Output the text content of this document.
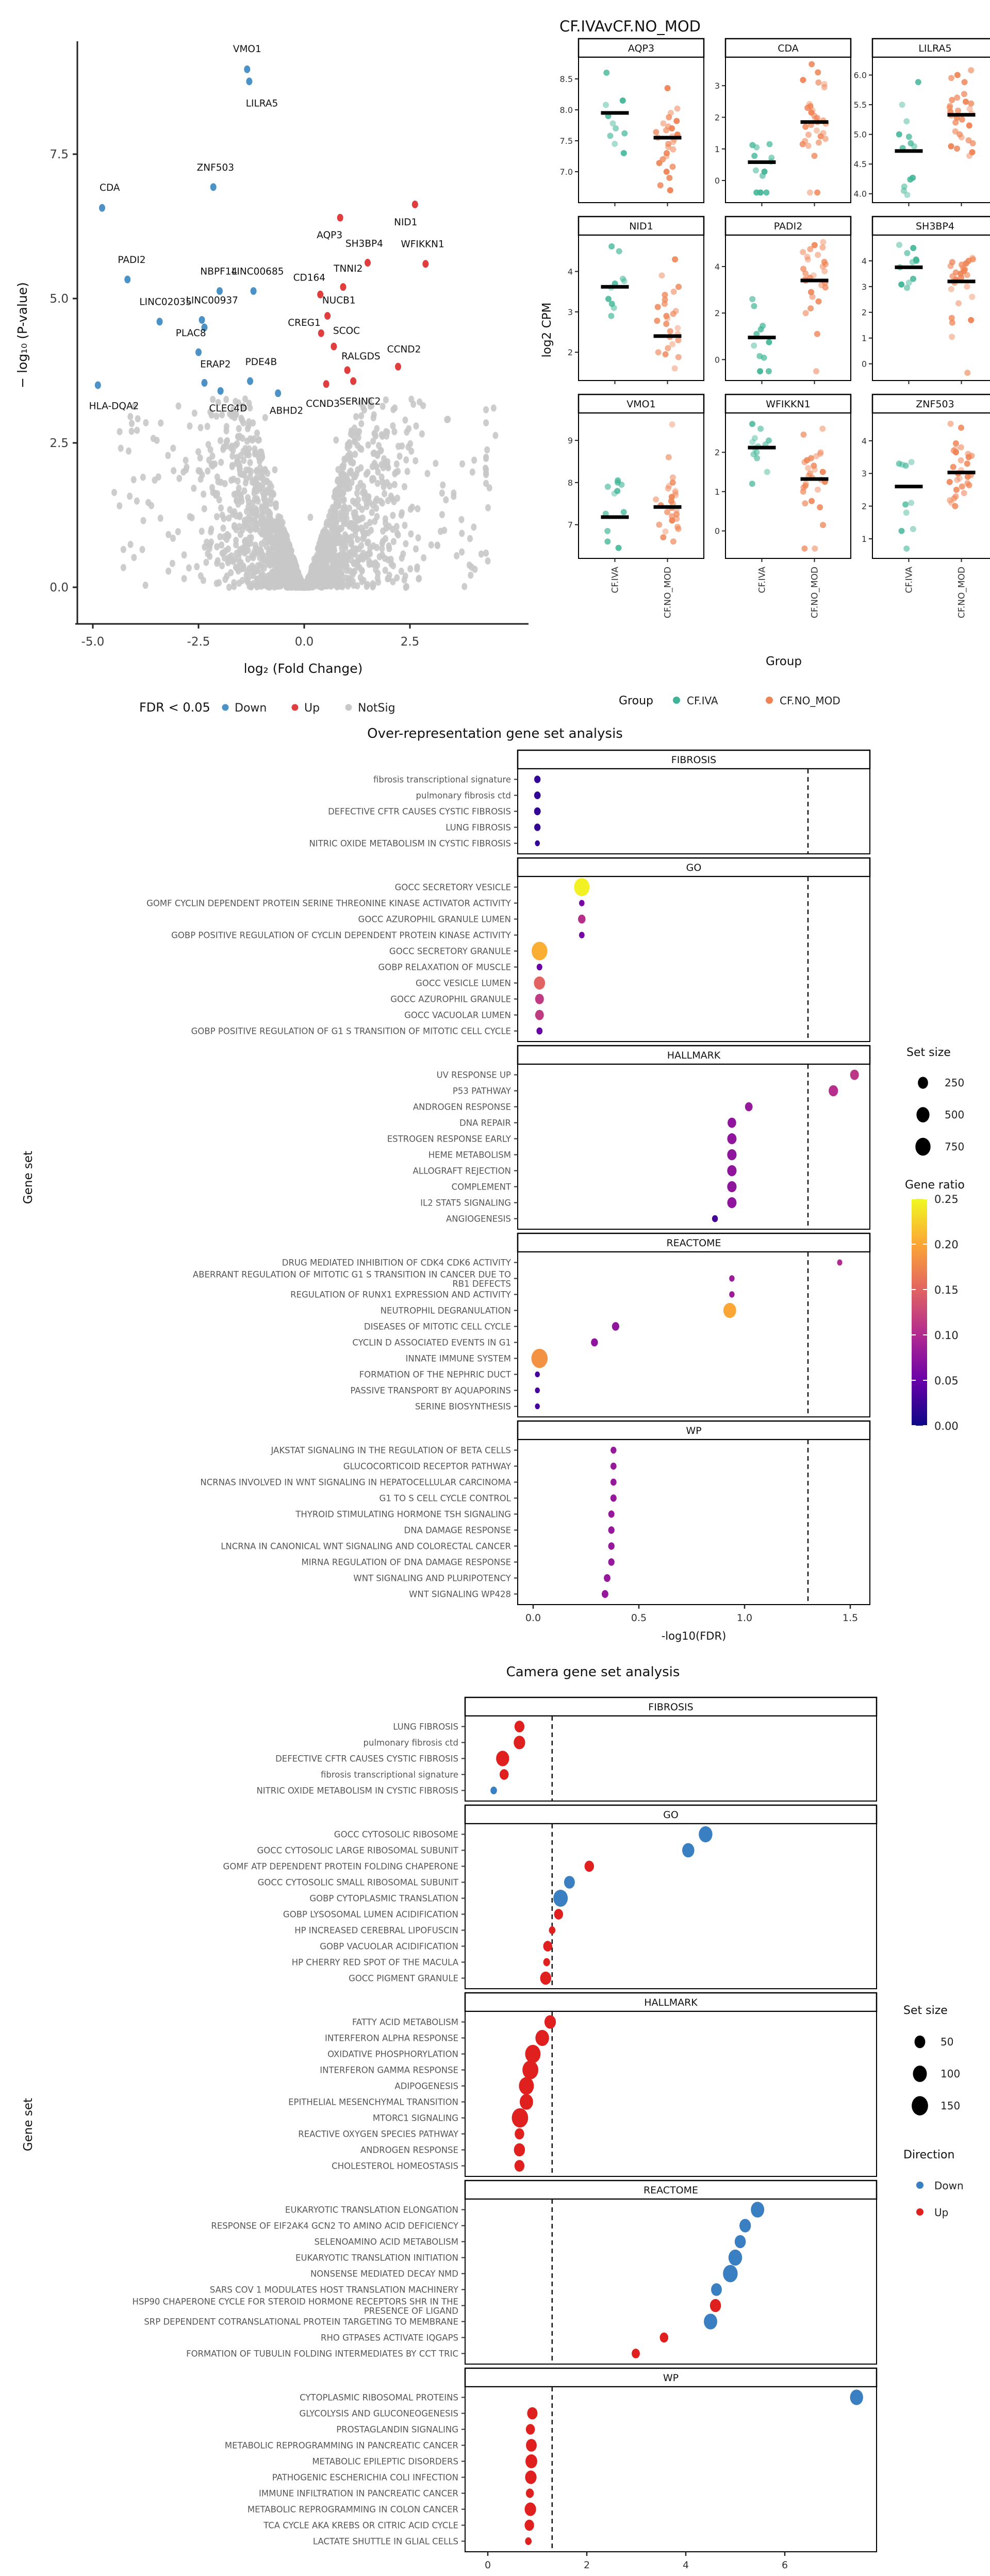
CF.IVAvCF.NO_MOD
Over-representation gene set analysis
Camera gene set analysis
0.0
2.5
5.0
7.5
-5.0	-2.5	0.0	2.5
log₂ (Fold Change)
− log₁₀ (P-value)
VMO1
LILRA5
ZNF503
CDA
PADI2
LINC02035
NBPF14
LINC00937
LINC00685
PLAC8
ERAP2 PDE4B
CLEC4D ABHD2
HLA-DQA2
NID1
AQP3
SH3BP4 WFIKKN1
TNNI2
CD164
NUCB1
CREG1
SCOC
RALGDS
CCND2
CCND3 SERINC2
FDR < 0.05 Down	Up	NotSig
AQP3
7.0
7.5
8.0
8.5
CDA
0
1
2
3
LILRA5
4.0
4.5
5.0
5.5
6.0
NID1
2
3
4
PADI2
0
2
4
SH3BP4
0
1
2
3
4
VMO1
7
8
9
CF.IVA	CF.NO_MOD
WFIKKN1
0
1
2
CF.IVA	CF.NO_MOD
ZNF503
1
2
3
4
CF.IVA	CF.NO_MOD
log2 CPM
Group
Group	CF.IVA	CF.NO_MOD
FIBROSIS
fibrosis transcriptional signature
pulmonary fibrosis ctd
DEFECTIVE CFTR CAUSES CYSTIC FIBROSIS
LUNG FIBROSIS
NITRIC OXIDE METABOLISM IN CYSTIC FIBROSIS
GO
GOCC SECRETORY VESICLE
GOMF CYCLIN DEPENDENT PROTEIN SERINE THREONINE KINASE ACTIVATOR ACTIVITY
GOCC AZUROPHIL GRANULE LUMEN
GOBP POSITIVE REGULATION OF CYCLIN DEPENDENT PROTEIN KINASE ACTIVITY
GOCC SECRETORY GRANULE
GOBP RELAXATION OF MUSCLE
GOCC VESICLE LUMEN
GOCC AZUROPHIL GRANULE
GOCC VACUOLAR LUMEN
GOBP POSITIVE REGULATION OF G1 S TRANSITION OF MITOTIC CELL CYCLE
HALLMARK
UV RESPONSE UP
P53 PATHWAY
ANDROGEN RESPONSE
DNA REPAIR
ESTROGEN RESPONSE EARLY
HEME METABOLISM
ALLOGRAFT REJECTION
COMPLEMENT
IL2 STAT5 SIGNALING
ANGIOGENESIS
REACTOME
DRUG MEDIATED INHIBITION OF CDK4 CDK6 ACTIVITY
ABERRANT REGULATION OF MITOTIC G1 S TRANSITION IN CANCER DUE TO
RB1 DEFECTS
REGULATION OF RUNX1 EXPRESSION AND ACTIVITY
NEUTROPHIL DEGRANULATION
DISEASES OF MITOTIC CELL CYCLE
CYCLIN D ASSOCIATED EVENTS IN G1
INNATE IMMUNE SYSTEM
FORMATION OF THE NEPHRIC DUCT
PASSIVE TRANSPORT BY AQUAPORINS
SERINE BIOSYNTHESIS
WP
JAKSTAT SIGNALING IN THE REGULATION OF BETA CELLS
GLUCOCORTICOID RECEPTOR PATHWAY
NCRNAS INVOLVED IN WNT SIGNALING IN HEPATOCELLULAR CARCINOMA
G1 TO S CELL CYCLE CONTROL
THYROID STIMULATING HORMONE TSH SIGNALING
DNA DAMAGE RESPONSE
LNCRNA IN CANONICAL WNT SIGNALING AND COLORECTAL CANCER
MIRNA REGULATION OF DNA DAMAGE RESPONSE
WNT SIGNALING AND PLURIPOTENCY
WNT SIGNALING WP428
0.0	0.5	1.0	1.5
-log10(FDR)
Gene set
Set size
250
500
750
Gene ratio
0.25
0.20
0.15
0.10
0.05
0.00
FIBROSIS
LUNG FIBROSIS
pulmonary fibrosis ctd
DEFECTIVE CFTR CAUSES CYSTIC FIBROSIS
fibrosis transcriptional signature
NITRIC OXIDE METABOLISM IN CYSTIC FIBROSIS
GO
GOCC CYTOSOLIC RIBOSOME
GOCC CYTOSOLIC LARGE RIBOSOMAL SUBUNIT
GOMF ATP DEPENDENT PROTEIN FOLDING CHAPERONE
GOCC CYTOSOLIC SMALL RIBOSOMAL SUBUNIT
GOBP CYTOPLASMIC TRANSLATION
GOBP LYSOSOMAL LUMEN ACIDIFICATION
HP INCREASED CEREBRAL LIPOFUSCIN
GOBP VACUOLAR ACIDIFICATION
HP CHERRY RED SPOT OF THE MACULA
GOCC PIGMENT GRANULE
HALLMARK
FATTY ACID METABOLISM
INTERFERON ALPHA RESPONSE
OXIDATIVE PHOSPHORYLATION
INTERFERON GAMMA RESPONSE
ADIPOGENESIS
EPITHELIAL MESENCHYMAL TRANSITION
MTORC1 SIGNALING
REACTIVE OXYGEN SPECIES PATHWAY
ANDROGEN RESPONSE
CHOLESTEROL HOMEOSTASIS
REACTOME
EUKARYOTIC TRANSLATION ELONGATION
RESPONSE OF EIF2AK4 GCN2 TO AMINO ACID DEFICIENCY
SELENOAMINO ACID METABOLISM
EUKARYOTIC TRANSLATION INITIATION
NONSENSE MEDIATED DECAY NMD
SARS COV 1 MODULATES HOST TRANSLATION MACHINERY
HSP90 CHAPERONE CYCLE FOR STEROID HORMONE RECEPTORS SHR IN THE
PRESENCE OF LIGAND
SRP DEPENDENT COTRANSLATIONAL PROTEIN TARGETING TO MEMBRANE
RHO GTPASES ACTIVATE IQGAPS
FORMATION OF TUBULIN FOLDING INTERMEDIATES BY CCT TRIC
WP
CYTOPLASMIC RIBOSOMAL PROTEINS
GLYCOLYSIS AND GLUCONEOGENESIS
PROSTAGLANDIN SIGNALING
METABOLIC REPROGRAMMING IN PANCREATIC CANCER
METABOLIC EPILEPTIC DISORDERS
PATHOGENIC ESCHERICHIA COLI INFECTION
IMMUNE INFILTRATION IN PANCREATIC CANCER
METABOLIC REPROGRAMMING IN COLON CANCER
TCA CYCLE AKA KREBS OR CITRIC ACID CYCLE
LACTATE SHUTTLE IN GLIAL CELLS
0	2	4	6
Gene set
Set size
50
100
150
Direction
Down
Up
